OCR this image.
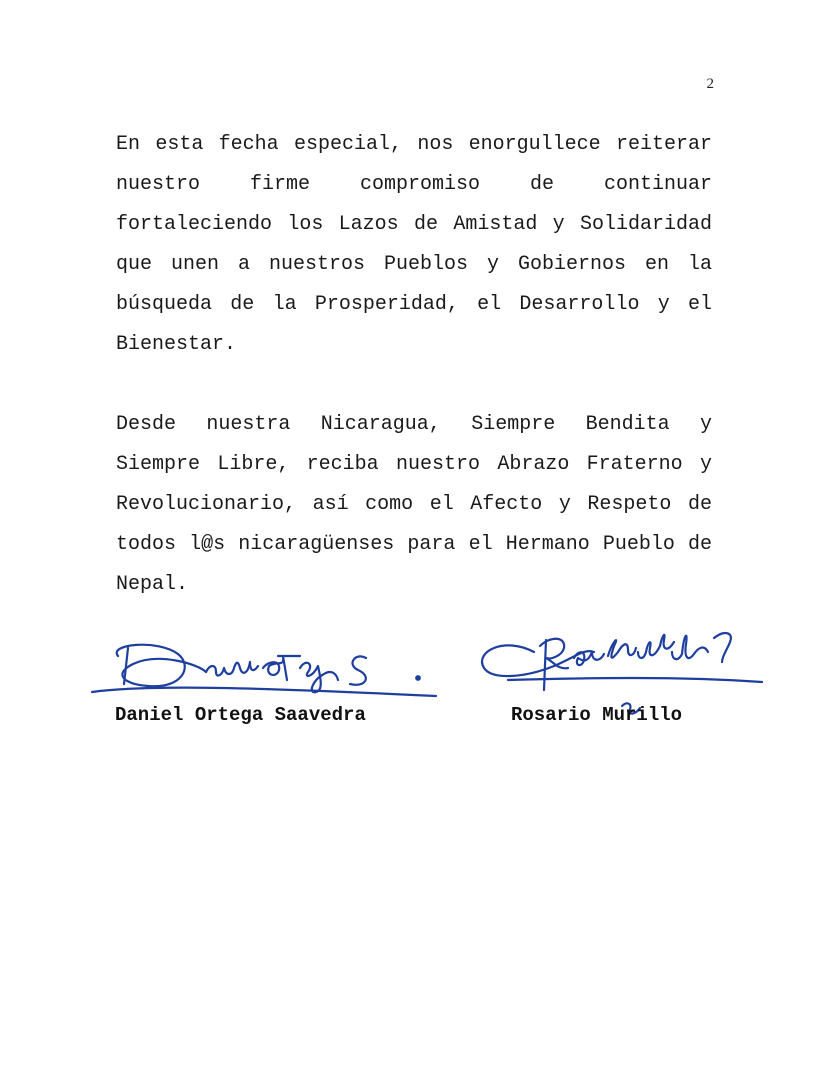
2

En esta fecha especial, nos enorgullece reiterar nuestro firme compromiso de continuar fortaleciendo los Lazos de Amistad y Solidaridad que unen a nuestros Pueblos y Gobiernos en la búsqueda de la Prosperidad, el Desarrollo y el Bienestar.

Desde nuestra Nicaragua, Siempre Bendita y Siempre Libre, reciba nuestro Abrazo Fraterno y Revolucionario, así como el Afecto y Respeto de todos l@s nicaragüenses para el Hermano Pueblo de Nepal.

Daniel Ortega Saavedra	Rosario Murillo
